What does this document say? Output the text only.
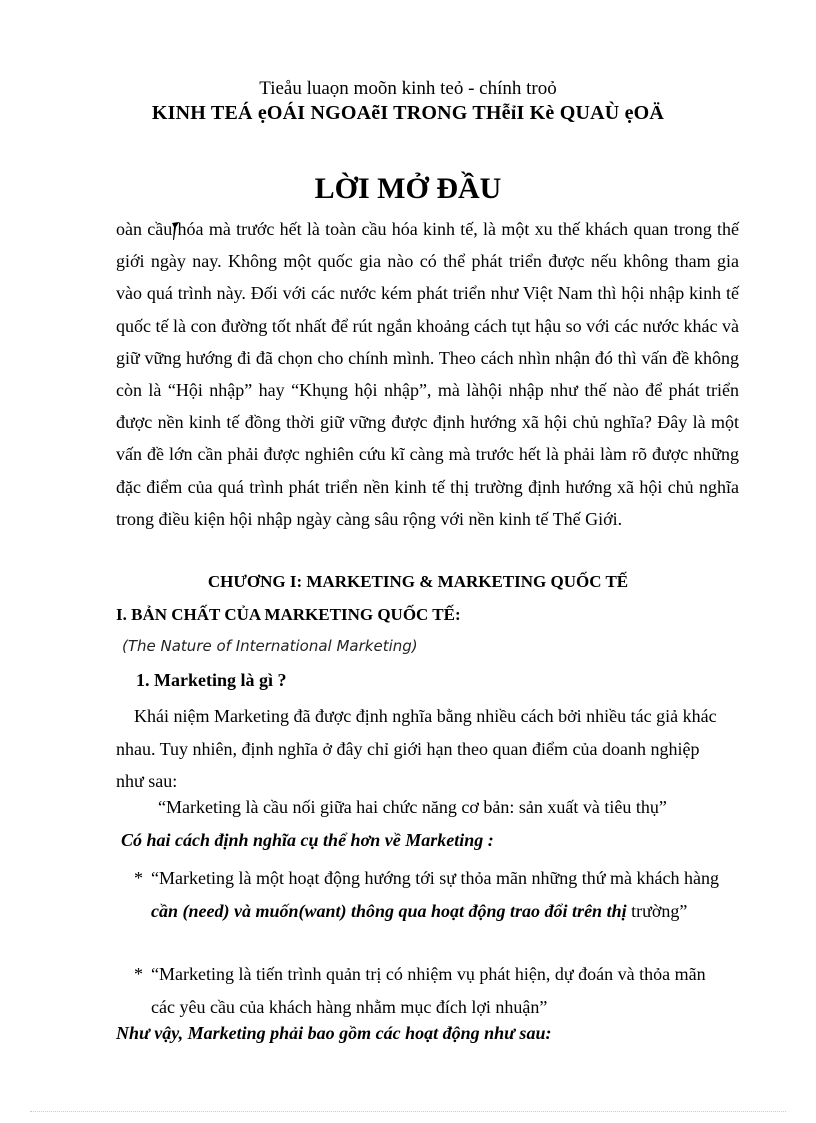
Tieåu luaọn moõn kinh teỏ - chính troỏ
KINH TEÁ ẹOÁI NGOAẽI TRONG THễỉI Kè QUAÙ ẹOÄ
LỜI MỞ ĐẦU

oàn cầu hóa mà trước hết là toàn cầu hóa kinh tế, là một xu thế khách quan trong thế giới ngày nay. Không một quốc gia nào có thể phát triển được nếu không tham gia vào quá trình này. Đối với các nước kém phát triển như Việt Nam thì hội nhập kinh tế quốc tế là con đường tốt nhất để rút ngắn khoảng cách tụt hậu so với các nước khác và giữ vững hướng đi đã chọn cho chính mình. Theo cách nhìn nhận đó thì vấn đề không còn là “Hội nhập” hay “Khụng hội nhập”, mà làhội nhập như thế nào để phát triển được nền kinh tế đồng thời giữ vững được định hướng xã hội chủ nghĩa? Đây là một vấn đề lớn cần phải được nghiên cứu kĩ càng mà trước hết là phải làm rõ được những đặc điểm của quá trình phát triển nền kinh tế thị trường định hướng xã hội chủ nghĩa trong điều kiện hội nhập ngày càng sâu rộng với nền kinh tế Thế Giới.

CHƯƠNG I: MARKETING & MARKETING QUỐC TẾ
I. BẢN CHẤT CỦA MARKETING QUỐC TẾ:
(The Nature of International Marketing)
1. Marketing là gì ?

Khái niệm Marketing đã được định nghĩa bằng nhiều cách bởi nhiều tác giả khác nhau. Tuy nhiên, định nghĩa ở đây chỉ giới hạn theo quan điểm của doanh nghiệp như sau:

“Marketing là cầu nối giữa hai chức năng cơ bản: sản xuất và tiêu thụ”
Có hai cách định nghĩa cụ thể hơn về Marketing :
* “Marketing là một hoạt động hướng tới sự thỏa mãn những thứ mà khách hàng cần (need) và muốn(want) thông qua hoạt động trao đổi trên thị trường”
* “Marketing là tiến trình quản trị có nhiệm vụ phát hiện, dự đoán và thỏa mãn các yêu cầu của khách hàng nhằm mục đích lợi nhuận”
Như vậy, Marketing phải bao gồm các hoạt động như sau:
